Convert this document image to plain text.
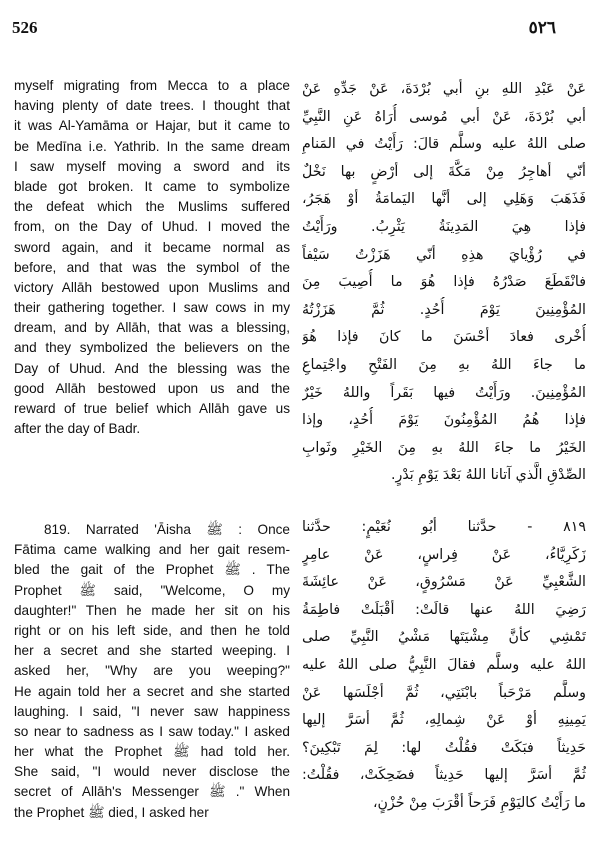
526	٥٢٦
myself migrating from Mecca to a place
having plenty of date trees. I thought that
it was Al-Yamāma or Hajar, but it came to
be Medīna i.e. Yathrib. In the same dream
I saw myself moving a sword and its
blade got broken. It came to symbolize
the defeat which the Muslims suffered
from, on the Day of Uhud. I moved the
sword again, and it became normal as
before, and that was the symbol of the
victory Allāh bestowed upon Muslims and
their gathering together. I saw cows in my
dream, and by Allāh, that was a blessing,
and they symbolized the believers on the
Day of Uhud. And the blessing was the
good Allāh bestowed upon us and the
reward of true belief which Allāh gave us
after the day of Badr.
819. Narrated 'Āisha ﷺ : Once
Fātima came walking and her gait resem-
bled the gait of the Prophet ﷺ . The
Prophet ﷺ said, "Welcome, O my
daughter!" Then he made her sit on his
right or on his left side, and then he told
her a secret and she started weeping. I
asked her, "Why are you weeping?"
He again told her a secret and she started
laughing. I said, "I never saw happiness
so near to sadness as I saw today." I asked
her what the Prophet ﷺ had told her.
She said, "I would never disclose the
secret of Allāh's Messenger ﷺ ." When
the Prophet ﷺ died, I asked her
عَنْ عَبْدِ اللهِ بنِ أبي بُرْدَةَ، عَنْ جَدِّهِ عَنْ
أبي بُرْدَةَ، عَنْ أبي مُوسى أُرَاهُ عَنِ النَّبِيِّ
صلى اللهُ عليه وسلَّم قالَ: رَأَيْتُ في المَنامِ
أنّي أهاجِرُ مِنْ مَكَّةَ إلى أرْضٍ بها نَخْلٌ
فَذَهَبَ وَهَلِي إلى أنَّها اليَمامَةُ أوْ هَجَرُ،
فإذا هِيَ المَدِينَةُ يَثْرِبُ. ورَأَيْتُ
في رُؤْيايَ هذِهِ أنّي هَزَزْتُ سَيْفاً
فانْقَطَعَ صَدْرُهُ فإذا هُوَ ما أُصِيبَ مِنَ
المُؤْمِنِينَ يَوْمَ أُحُدٍ. ثُمَّ هَزَزْتُهُ
أُخْرى فعادَ أحْسَنَ ما كانَ فإذا هُوَ
ما جاءَ اللهُ بهِ مِنَ الفَتْحِ واجْتِماعِ
المُؤْمِنِينَ. ورَأَيْتُ فيها بَقَراً واللهُ خَيْرٌ
فإذا هُمُ المُؤْمِنُونَ يَوْمَ أُحُدٍ، وإذا
الخَيْرُ ما جاءَ اللهُ بهِ مِنَ الخَيْرِ وثَوابِ
الصِّدْقِ الَّذي آتانا اللهُ بَعْدَ يَوْمِ بَدْرٍ.
٨١٩ - حدَّثنا أبُو نُعَيْمٍ: حدَّثنا
زَكَرِيَّاءُ، عَنْ فِراسٍ، عَنْ عامِرٍ
الشَّعْبِيِّ عَنْ مَسْرُوقٍ، عَنْ عائِشَةَ
رَضِيَ اللهُ عنها قالَتْ: أقْبَلَتْ فاطِمَةُ
تَمْشِي كأنَّ مِشْيَتَها مَشْيُ النَّبِيِّ صلى
اللهُ عليه وسلَّم فقالَ النَّبِيُّ صلى اللهُ عليه
وسلَّم مَرْحَباً بابْنَتِي، ثُمَّ أجْلَسَها عَنْ
يَمِينِهِ أوْ عَنْ شِمالِهِ، ثُمَّ أسَرَّ إليها
حَدِيثاً فبَكَتْ فقُلْتُ لها: لِمَ تَبْكِينَ؟
ثُمَّ أسَرَّ إليها حَدِيثاً فضَحِكَتْ، فقُلْتُ:
ما رَأَيْتُ كاليَوْمِ فَرَحاً أقْرَبَ مِنْ حُزْنٍ،
